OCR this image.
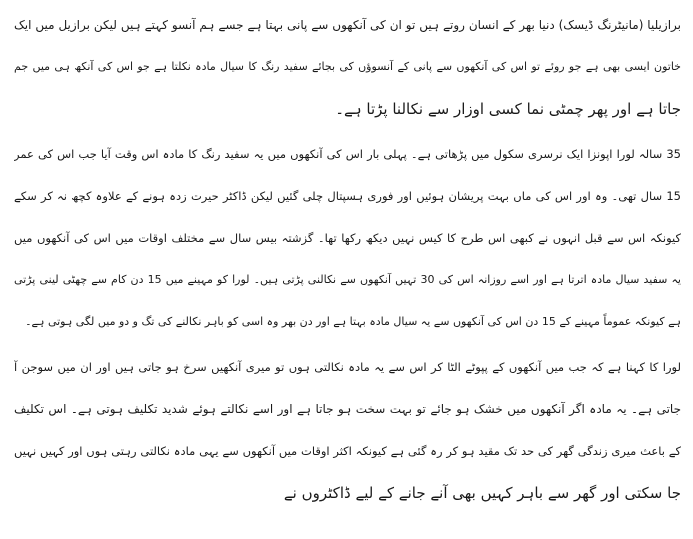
برازیلیا (مانیٹرنگ ڈیسک) دنیا بھر کے انسان روتے ہیں تو ان کی آنکھوں سے پانی بہتا ہے جسے ہم آنسو کہتے ہیں لیکن برازیل میں ایک
خاتون ایسی بھی ہے جو روئے تو اس کی آنکھوں سے پانی کے آنسوؤں کی بجائے سفید رنگ کا سیال مادہ نکلتا ہے جو اس کی آنکھ ہی میں جم
جاتا ہے اور پھر چمٹی نما کسی اوزار سے نکالنا پڑتا ہے۔
35 سالہ لورا اپونزا ایک نرسری سکول میں پڑھاتی ہے۔ پہلی بار اس کی آنکھوں میں یہ سفید رنگ کا مادہ اس وقت آیا جب اس کی عمر
15 سال تھی۔ وہ اور اس کی ماں بہت پریشان ہوئیں اور فوری ہسپتال چلی گئیں لیکن ڈاکٹر حیرت زدہ ہونے کے علاوہ کچھ نہ کر سکے
کیونکہ اس سے قبل انہوں نے کبھی اس طرح کا کیس نہیں دیکھ رکھا تھا۔ گزشتہ بیس سال سے مختلف اوقات میں اس کی آنکھوں میں
یہ سفید سیال مادہ اترتا ہے اور اسے روزانہ اس کی 30 تہیں آنکھوں سے نکالنی پڑتی ہیں۔ لورا کو مہینے میں 15 دن کام سے چھٹی لینی پڑتی
ہے کیونکہ عموماً مہینے کے 15 دن اس کی آنکھوں سے یہ سیال مادہ بہتا ہے اور دن بھر وہ اسی کو باہر نکالنے کی تگ و دو میں لگی ہوتی ہے۔
لورا کا کہنا ہے کہ جب میں آنکھوں کے پپوٹے الٹا کر اس سے یہ مادہ نکالتی ہوں تو میری آنکھیں سرخ ہو جاتی ہیں اور ان میں سوجن آ
جاتی ہے۔ یہ مادہ اگر آنکھوں میں خشک ہو جائے تو بہت سخت ہو جاتا ہے اور اسے نکالتے ہوئے شدید تکلیف ہوتی ہے۔ اس تکلیف
کے باعث میری زندگی گھر کی حد تک مقید ہو کر رہ گئی ہے کیونکہ اکثر اوقات میں آنکھوں سے یہی مادہ نکالتی رہتی ہوں اور کہیں نہیں
جا سکتی اور گھر سے باہر کہیں بھی آنے جانے کے لیے ڈاکٹروں نے
